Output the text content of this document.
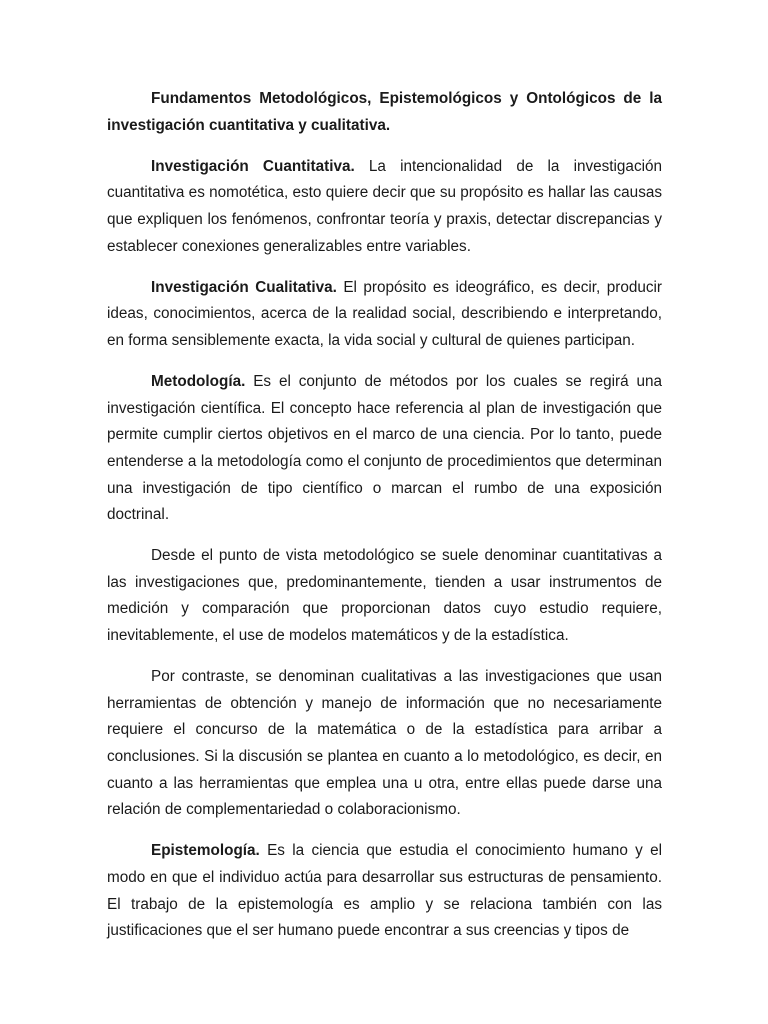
Fundamentos Metodológicos, Epistemológicos y Ontológicos de la investigación cuantitativa y cualitativa.

Investigación Cuantitativa. La intencionalidad de la investigación cuantitativa es nomotética, esto quiere decir que su propósito es hallar las causas que expliquen los fenómenos, confrontar teoría y praxis, detectar discrepancias y establecer conexiones generalizables entre variables.

Investigación Cualitativa. El propósito es ideográfico, es decir, producir ideas, conocimientos, acerca de la realidad social, describiendo e interpretando, en forma sensiblemente exacta, la vida social y cultural de quienes participan.

Metodología. Es el conjunto de métodos por los cuales se regirá una investigación científica. El concepto hace referencia al plan de investigación que permite cumplir ciertos objetivos en el marco de una ciencia. Por lo tanto, puede entenderse a la metodología como el conjunto de procedimientos que determinan una investigación de tipo científico o marcan el rumbo de una exposición doctrinal.

Desde el punto de vista metodológico se suele denominar cuantitativas a las investigaciones que, predominantemente, tienden a usar instrumentos de medición y comparación que proporcionan datos cuyo estudio requiere, inevitablemente, el use de modelos matemáticos y de la estadística.

Por contraste, se denominan cualitativas a las investigaciones que usan herramientas de obtención y manejo de información que no necesariamente requiere el concurso de la matemática o de la estadística para arribar a conclusiones. Si la discusión se plantea en cuanto a lo metodológico, es decir, en cuanto a las herramientas que emplea una u otra, entre ellas puede darse una relación de complementariedad o colaboracionismo.

Epistemología. Es la ciencia que estudia el conocimiento humano y el modo en que el individuo actúa para desarrollar sus estructuras de pensamiento. El trabajo de la epistemología es amplio y se relaciona también con las justificaciones que el ser humano puede encontrar a sus creencias y tipos de
